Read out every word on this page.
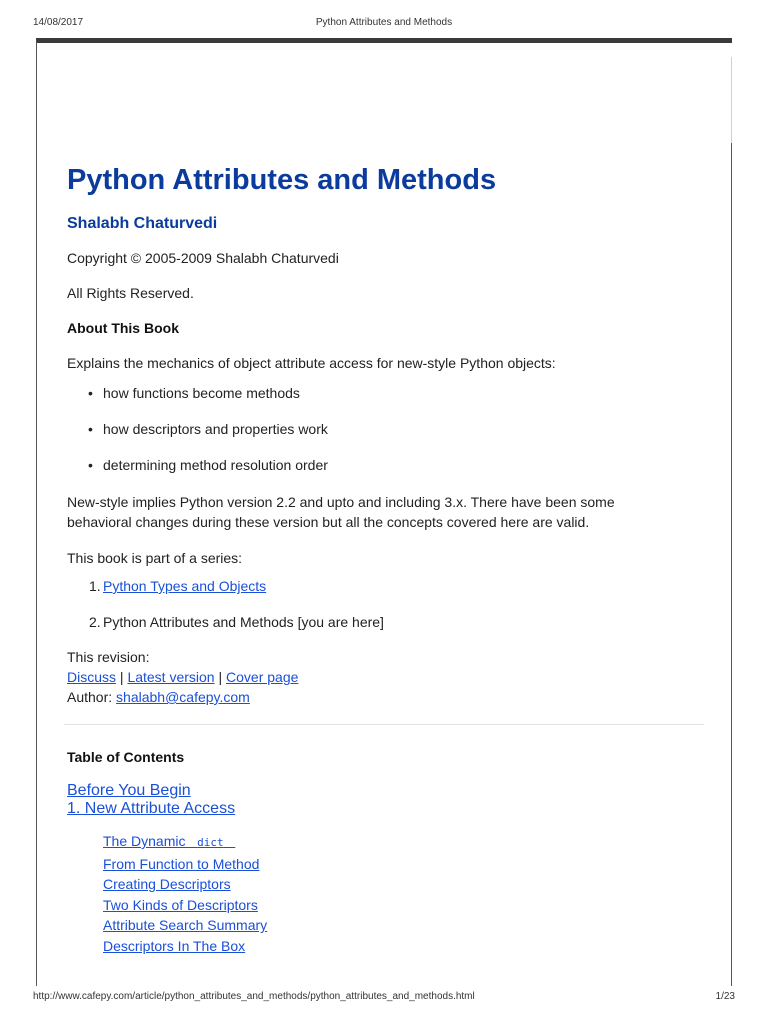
14/08/2017	Python Attributes and Methods
Python Attributes and Methods
Shalabh Chaturvedi

Copyright © 2005-2009 Shalabh Chaturvedi

All Rights Reserved.

About This Book

Explains the mechanics of object attribute access for new-style Python objects:

• how functions become methods
• how descriptors and properties work
• determining method resolution order

New-style implies Python version 2.2 and upto and including 3.x. There have been some
behavioral changes during these version but all the concepts covered here are valid.

This book is part of a series:

1. Python Types and Objects
2. Python Attributes and Methods [you are here]

This revision:
Discuss | Latest version | Cover page
Author: shalabh@cafepy.com

Table of Contents
Before You Begin
1. New Attribute Access
The Dynamic dict
From Function to Method
Creating Descriptors
Two Kinds of Descriptors
Attribute Search Summary
Descriptors In The Box
http://www.cafepy.com/article/python_attributes_and_methods/python_attributes_and_methods.html	1/23
